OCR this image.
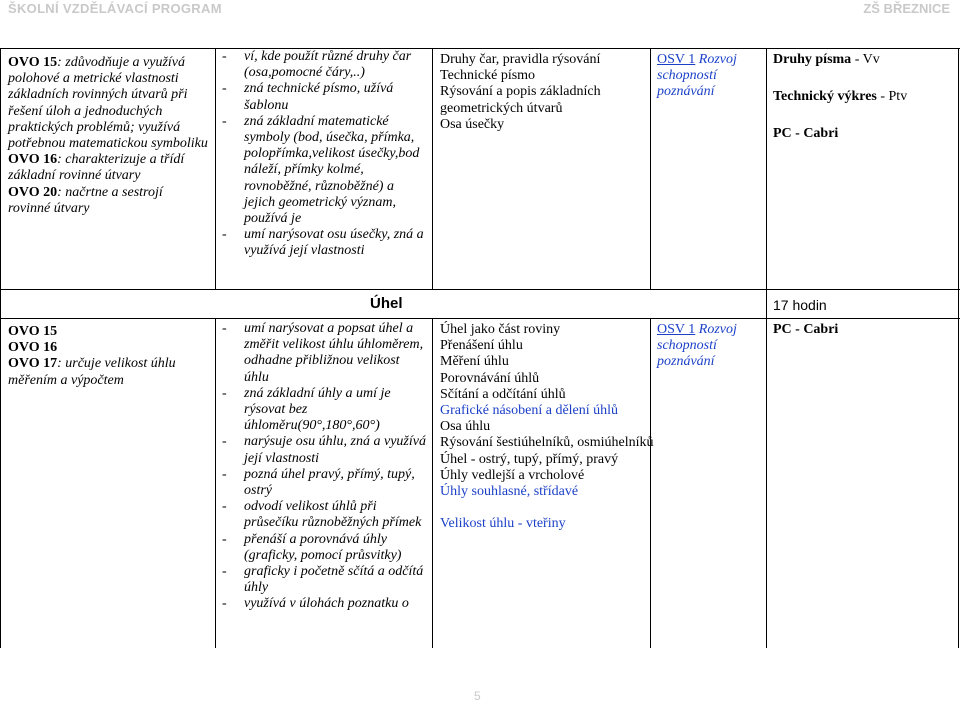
ŠKOLNÍ VZDĚLÁVACÍ PROGRAM	ZŠ BŘEZNICE
OVO 15: zdůvodňuje a využívá polohové a metrické vlastnosti základních rovinných útvarů při řešení úloh a jednoduchých praktických problémů; využívá potřebnou matematickou symboliku
OVO 16: charakterizuje a třídí základní rovinné útvary
OVO 20: načrtne a sestrojí rovinné útvary
- ví, kde použít různé druhy čar (osa,pomocné čáry,..)
- zná technické písmo, užívá šablonu
- zná základní matematické symboly (bod, úsečka, přímka, polopřímka,velikost úsečky,bod náleží, přímky kolmé, rovnoběžné, různoběžné) a jejich geometrický význam, používá je
- umí narýsovat osu úsečky, zná a využívá její vlastnosti
Druhy čar, pravidla rýsování
Technické písmo
Rýsování a popis základních geometrických útvarů
Osa úsečky
OSV 1 Rozvoj schopností poznávání
Druhy písma - Vv
Technický výkres - Ptv
PC - Cabri
Úhel	17 hodin
OVO 15
OVO 16
OVO 17: určuje velikost úhlu měřením a výpočtem
- umí narýsovat a popsat úhel a změřit velikost úhlu úhloměrem, odhadne přibližnou velikost úhlu
- zná základní úhly a umí je rýsovat bez úhloměru(90°,180°,60°)
- narýsuje osu úhlu, zná a využívá její vlastnosti
- pozná úhel pravý, přímý, tupý, ostrý
- odvodí velikost úhlů při průsečíku různoběžných přímek
- přenáší a porovnává úhly (graficky, pomocí průsvitky)
- graficky i početně sčítá a odčítá úhly
- využívá v úlohách poznatku o
Úhel jako část roviny
Přenášení úhlu
Měření úhlu
Porovnávání úhlů
Sčítání a odčítání úhlů
Grafické násobení a dělení úhlů
Osa úhlu
Rýsování šestiúhelníků, osmiúhelníků
Úhel - ostrý, tupý, přímý, pravý
Úhly vedlejší a vrcholové
Úhly souhlasné, střídavé
Velikost úhlu - vteřiny
OSV 1 Rozvoj schopností poznávání
PC - Cabri
5
